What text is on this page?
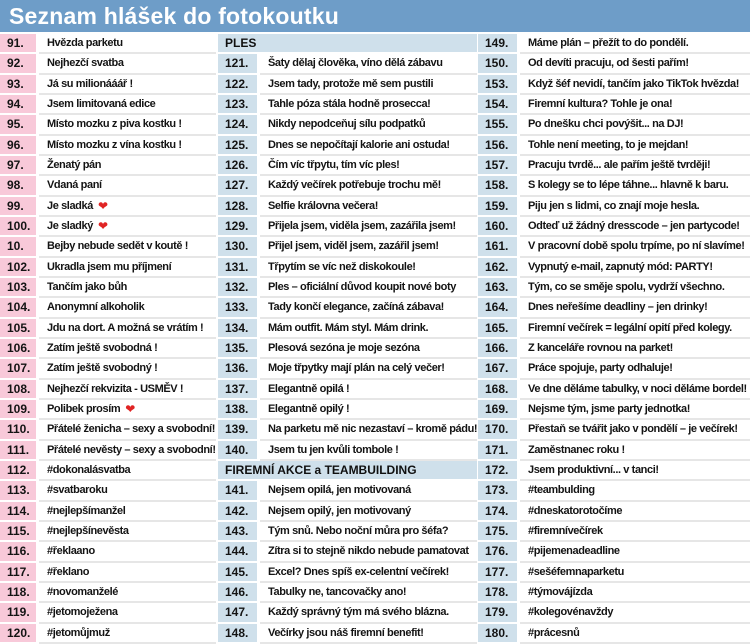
Seznam hlášek do fotokoutku
91.	Hvězda parketu
92.	Nejhezčí svatba
93.	Já su milionááář !
94.	Jsem limitovaná edice
95.	Místo mozku z piva kostku !
96.	Místo mozku z vína kostku !
97.	Ženatý pán
98.	Vdaná paní
99.	Je sladká ❤
100.	Je sladký ❤
10.	Bejby nebude sedět v koutě !
102.	Ukradla jsem mu příjmení
103.	Tančím jako bůh
104.	Anonymní alkoholik
105.	Jdu na dort. A možná se vrátím !
106.	Zatím ještě svobodná !
107.	Zatím ještě svobodný !
108.	Nejhezčí rekvizita - USMĚV !
109.	Polibek prosím ❤
110.	Přátelé ženicha – sexy a svobodní!
111.	Přátelé nevěsty – sexy a svobodní!
112.	#dokonalásvatba
113.	#svatbaroku
114.	#nejlepšímanžel
115.	#nejlepšínevěsta
116.	#řeklaano
117.	#řeklano
118.	#novomanželé
119.	#jetomoježena
120.	#jetomůjmuž
PLES
121.	Šaty dělaj člověka, víno dělá zábavu
122.	Jsem tady, protože mě sem pustili
123.	Tahle póza stála hodně prosecca!
124.	Nikdy nepodceňuj sílu podpatků
125.	Dnes se nepočítají kalorie ani ostuda!
126.	Čím víc třpytu, tím víc ples!
127.	Každý večírek potřebuje trochu mě!
128.	Selfie královna večera!
129.	Přijela jsem, viděla jsem, zazářila jsem!
130.	Přijel jsem, viděl jsem, zazářil jsem!
131.	Třpytím se víc než diskokoule!
132.	Ples – oficiální důvod koupit nové boty
133.	Tady končí elegance, začíná zábava!
134.	Mám outfit. Mám styl. Mám drink.
135.	Plesová sezóna je moje sezóna
136.	Moje třpytky mají plán na celý večer!
137.	Elegantně opilá !
138.	Elegantně opilý !
139.	Na parketu mě nic nezastaví – kromě pádu!
140.	Jsem tu jen kvůli tombole !
FIREMNÍ AKCE a TEAMBUILDING
141.	Nejsem opilá, jen motivovaná
142.	Nejsem opilý, jen motivovaný
143.	Tým snů. Nebo noční můra pro šéfa?
144.	Zítra si to stejně nikdo nebude pamatovat
145.	Excel? Dnes spíš ex-celentní večírek!
146.	Tabulky ne, tancovačky ano!
147.	Každý správný tým má svého blázna.
148.	Večírky jsou náš firemní benefit!
149.	Máme plán – přežít to do pondělí.
150.	Od devíti pracuju, od šesti pařím!
153.	Když šéf nevidí, tančím jako TikTok hvězda!
154.	Firemní kultura? Tohle je ona!
155.	Po dnešku chci povýšit... na DJ!
156.	Tohle není meeting, to je mejdan!
157.	Pracuju tvrdě... ale pařím ještě tvrději!
158.	S kolegy se to lépe táhne... hlavně k baru.
159.	Piju jen s lidmi, co znají moje hesla.
160.	Odteď už žádný dresscode – jen partycode!
161.	V pracovní době spolu trpíme, po ní slavíme!
162.	Vypnutý e-mail, zapnutý mód: PARTY!
163.	Tým, co se směje spolu, vydrží všechno.
164.	Dnes neřešíme deadliny – jen drinky!
165.	Firemní večírek = legální opití před kolegy.
166.	Z kanceláře rovnou na parket!
167.	Práce spojuje, party odhaluje!
168.	Ve dne děláme tabulky, v noci děláme bordel!
169.	Nejsme tým, jsme party jednotka!
170.	Přestaň se tvářit jako v pondělí – je večírek!
171.	Zaměstnanec roku !
172.	Jsem produktivní... v tanci!
173.	#teambulding
174.	#dneskatorotočíme
175.	#firemnívečírek
176.	#pijemenadeadline
177.	#sešéfemnaparketu
178.	#týmovájízda
179.	#kolegovénavždy
180.	#prácesnů
